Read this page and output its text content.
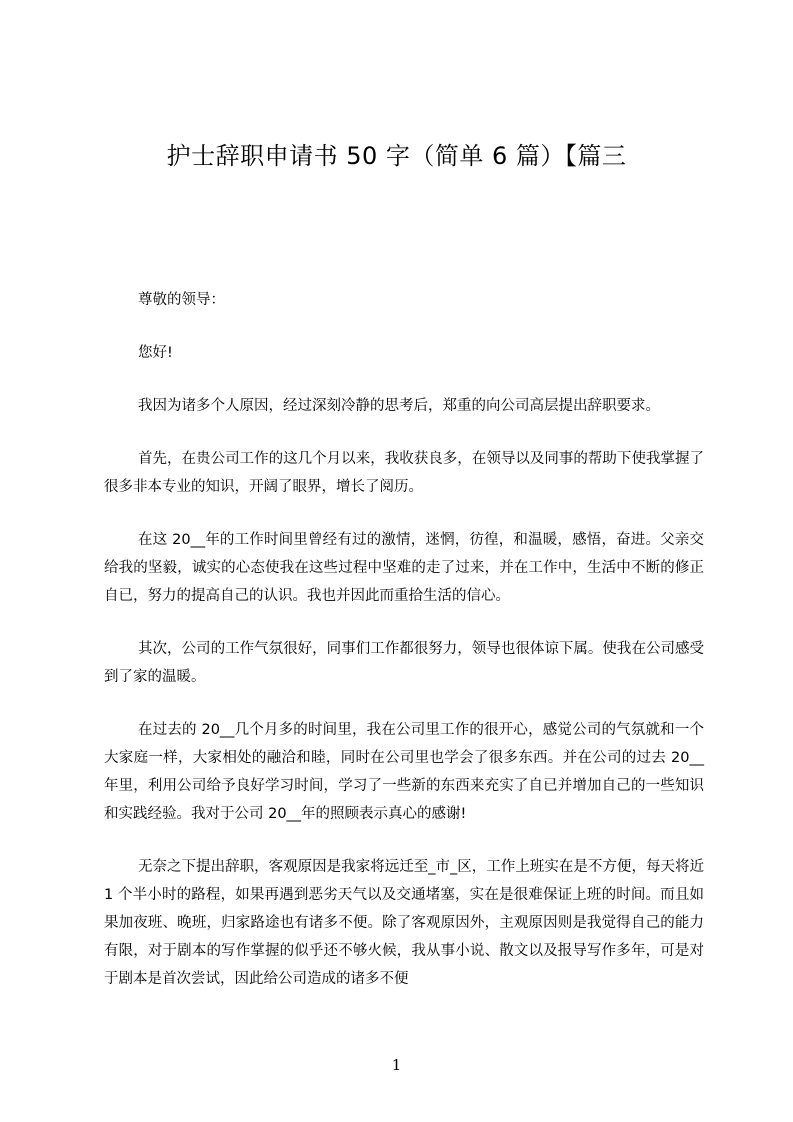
护士辞职申请书 50 字（简单 6 篇）【篇三

尊敬的领导：

您好!

我因为诸多个人原因，经过深刻冷静的思考后，郑重的向公司高层提出辞职要求。

首先，在贵公司工作的这几个月以来，我收获良多，在领导以及同事的帮助下使我掌握了很多非本专业的知识，开阔了眼界，增长了阅历。

在这 20__年的工作时间里曾经有过的激情，迷惘，彷徨，和温暖，感悟，奋进。父亲交给我的坚毅，诚实的心态使我在这些过程中坚难的走了过来，并在工作中，生活中不断的修正自已，努力的提高自己的认识。我也并因此而重拾生活的信心。

其次，公司的工作气氛很好，同事们工作都很努力，领导也很体谅下属。使我在公司感受到了家的温暖。

在过去的 20__几个月多的时间里，我在公司里工作的很开心，感觉公司的气氛就和一个大家庭一样，大家相处的融洽和睦，同时在公司里也学会了很多东西。并在公司的过去 20__年里，利用公司给予良好学习时间，学习了一些新的东西来充实了自已并增加自己的一些知识和实践经验。我对于公司 20__年的照顾表示真心的感谢!

无奈之下提出辞职，客观原因是我家将远迁至_市_区，工作上班实在是不方便，每天将近 1 个半小时的路程，如果再遇到恶劣天气以及交通堵塞，实在是很难保证上班的时间。而且如果加夜班、晚班，归家路途也有诸多不便。除了客观原因外，主观原因则是我觉得自己的能力有限，对于剧本的写作掌握的似乎还不够火候，我从事小说、散文以及报导写作多年，可是对于剧本是首次尝试，因此给公司造成的诸多不便

1
